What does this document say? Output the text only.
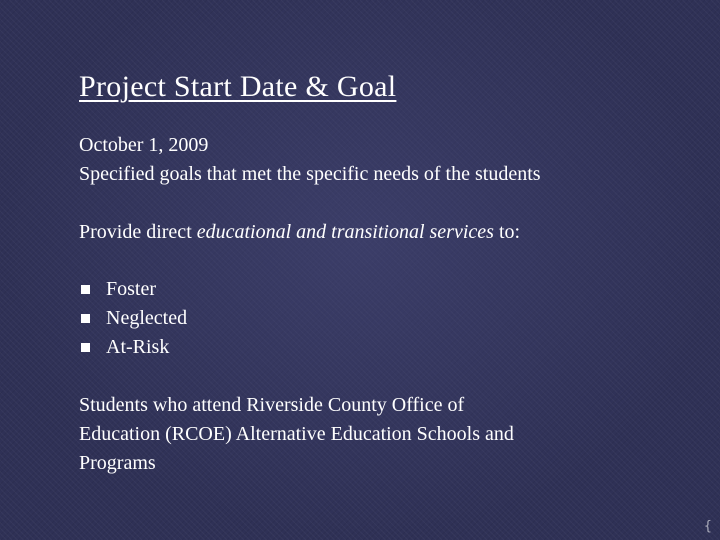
Project Start Date & Goal
October 1, 2009
Specified goals that met the specific needs of the students
Provide direct educational and transitional services to:
Foster
Neglected
At-Risk
Students who attend Riverside County Office of
Education (RCOE) Alternative Education Schools and
Programs
{
